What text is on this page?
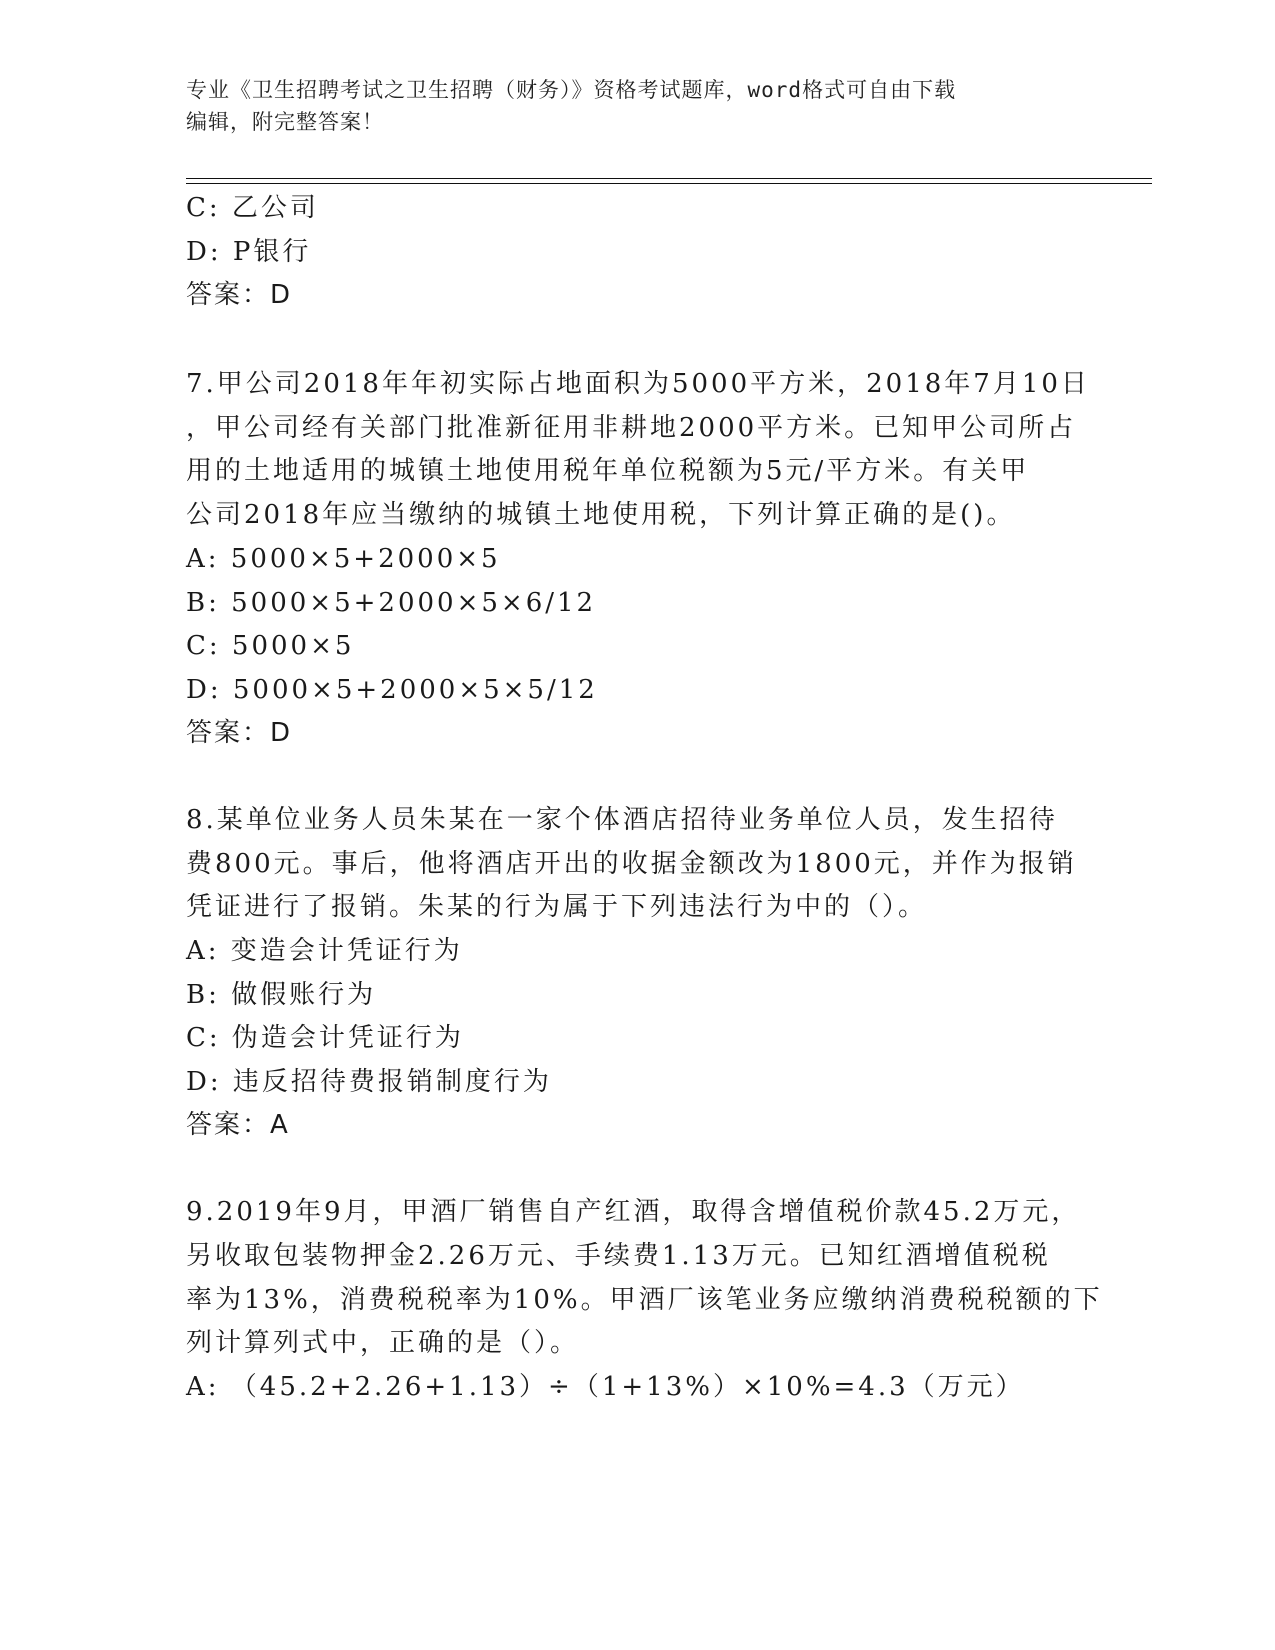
专业《卫生招聘考试之卫生招聘（财务）》资格考试题库，word格式可自由下载
编辑，附完整答案！
C: 乙公司
D: P银行
答案：D
7.甲公司2018年年初实际占地面积为5000平方米，2018年7月10日
，甲公司经有关部门批准新征用非耕地2000平方米。已知甲公司所占
用的土地适用的城镇土地使用税年单位税额为5元/平方米。有关甲
公司2018年应当缴纳的城镇土地使用税，下列计算正确的是()。
A: 5000×5+2000×5
B: 5000×5+2000×5×6/12
C: 5000×5
D: 5000×5+2000×5×5/12
答案：D
8.某单位业务人员朱某在一家个体酒店招待业务单位人员，发生招待
费800元。事后，他将酒店开出的收据金额改为1800元，并作为报销
凭证进行了报销。朱某的行为属于下列违法行为中的（）。
A: 变造会计凭证行为
B: 做假账行为
C: 伪造会计凭证行为
D: 违反招待费报销制度行为
答案：A
9.2019年9月，甲酒厂销售自产红酒，取得含增值税价款45.2万元，
另收取包装物押金2.26万元、手续费1.13万元。已知红酒增值税税
率为13%，消费税税率为10%。甲酒厂该笔业务应缴纳消费税税额的下
列计算列式中，正确的是（）。
A: （45.2+2.26+1.13）÷（1+13%）×10%=4.3（万元）
